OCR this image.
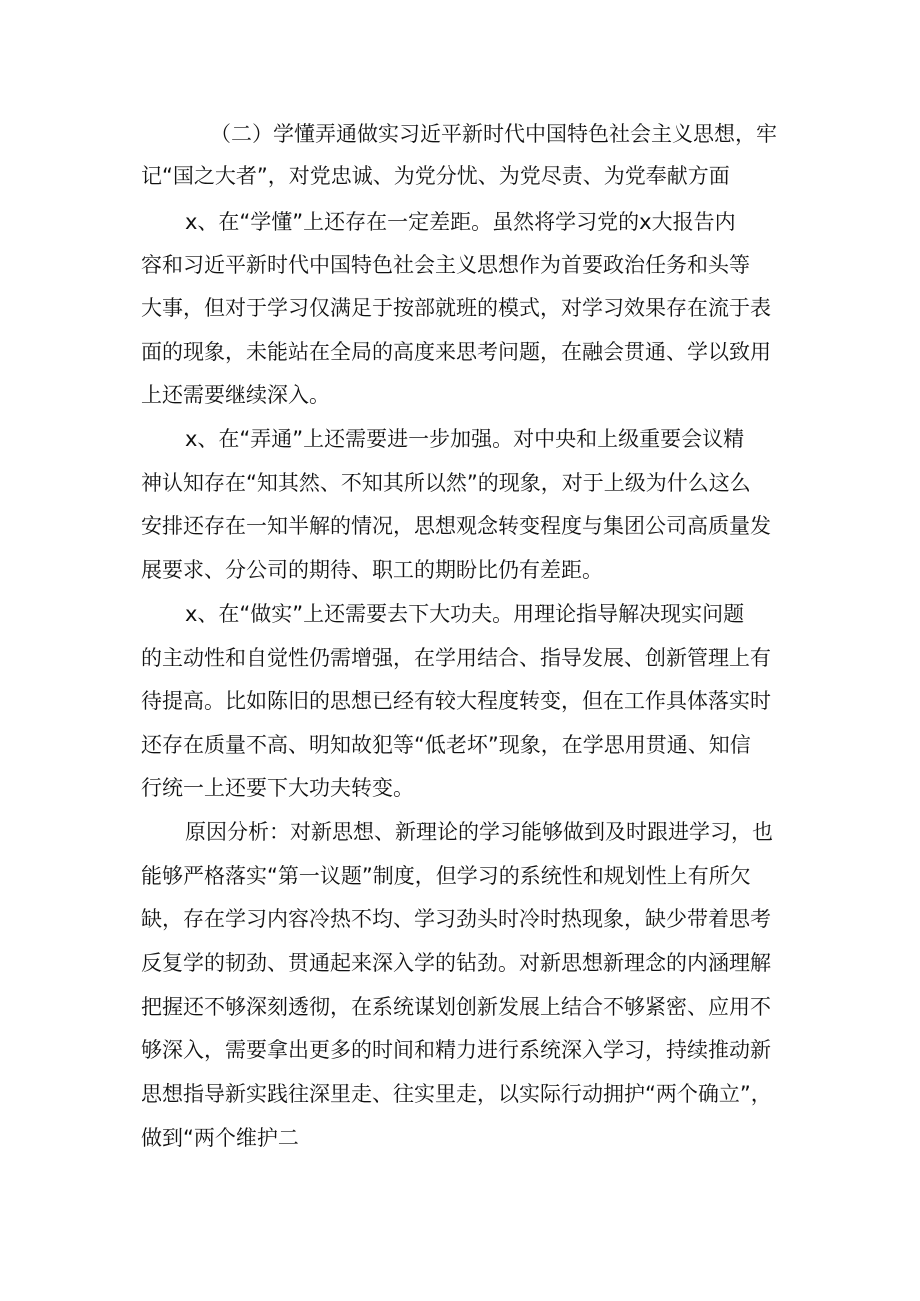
（二）学懂弄通做实习近平新时代中国特色社会主义思想，牢
记“国之大者”，对党忠诚、为党分忧、为党尽责、为党奉献方面
x、在“学懂”上还存在一定差距。虽然将学习党的x大报告内
容和习近平新时代中国特色社会主义思想作为首要政治任务和头等
大事，但对于学习仅满足于按部就班的模式，对学习效果存在流于表
面的现象，未能站在全局的高度来思考问题，在融会贯通、学以致用
上还需要继续深入。
x、在“弄通”上还需要进一步加强。对中央和上级重要会议精
神认知存在“知其然、不知其所以然”的现象，对于上级为什么这么
安排还存在一知半解的情况，思想观念转变程度与集团公司高质量发
展要求、分公司的期待、职工的期盼比仍有差距。
x、在“做实”上还需要去下大功夫。用理论指导解决现实问题
的主动性和自觉性仍需增强，在学用结合、指导发展、创新管理上有
待提高。比如陈旧的思想已经有较大程度转变，但在工作具体落实时
还存在质量不高、明知故犯等“低老坏”现象，在学思用贯通、知信
行统一上还要下大功夫转变。
原因分析：对新思想、新理论的学习能够做到及时跟进学习，也
能够严格落实“第一议题”制度，但学习的系统性和规划性上有所欠
缺，存在学习内容冷热不均、学习劲头时冷时热现象，缺少带着思考
反复学的韧劲、贯通起来深入学的钻劲。对新思想新理念的内涵理解
把握还不够深刻透彻，在系统谋划创新发展上结合不够紧密、应用不
够深入，需要拿出更多的时间和精力进行系统深入学习，持续推动新
思想指导新实践往深里走、往实里走，以实际行动拥护“两个确立”，
做到“两个维护二
